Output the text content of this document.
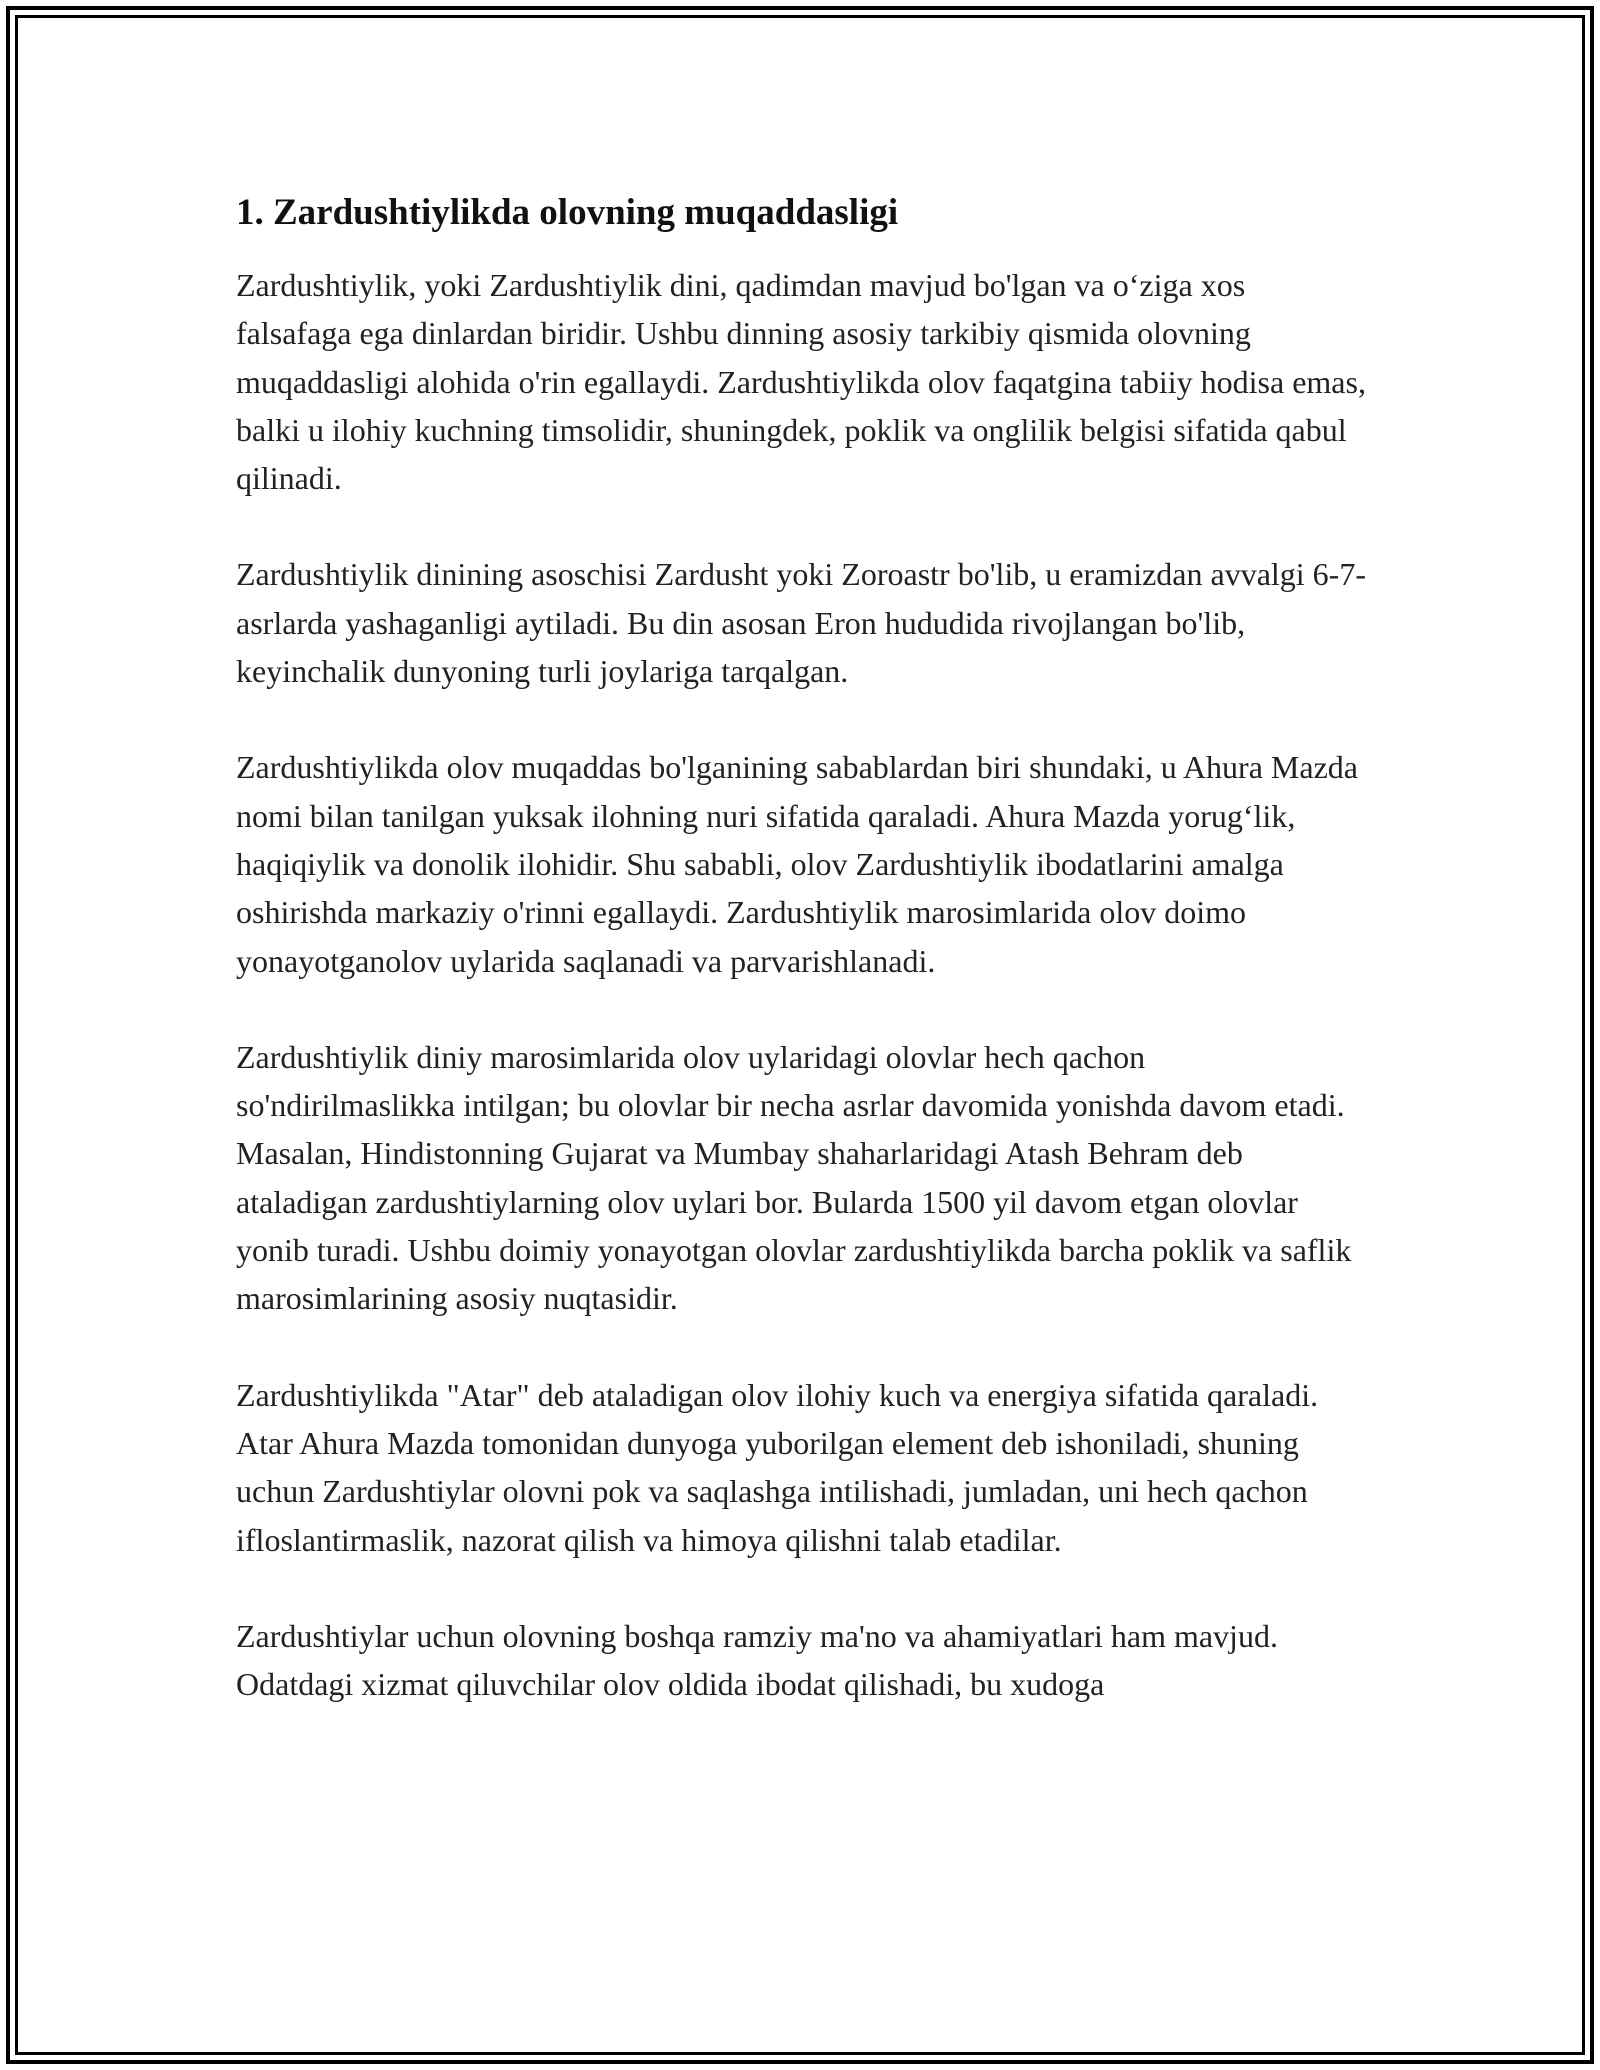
1. Zardushtiylikda olovning muqaddasligi

Zardushtiylik, yoki Zardushtiylik dini, qadimdan mavjud bo'lgan va o‘ziga xos falsafaga ega dinlardan biridir. Ushbu dinning asosiy tarkibiy qismida olovning muqaddasligi alohida o'rin egallaydi. Zardushtiylikda olov faqatgina tabiiy hodisa emas, balki u ilohiy kuchning timsolidir, shuningdek, poklik va onglilik belgisi sifatida qabul qilinadi.

Zardushtiylik dinining asoschisi Zardusht yoki Zoroastr bo'lib, u eramizdan avvalgi 6-7-asrlarda yashaganligi aytiladi. Bu din asosan Eron hududida rivojlangan bo'lib, keyinchalik dunyoning turli joylariga tarqalgan.

Zardushtiylikda olov muqaddas bo'lganining sabablardan biri shundaki, u Ahura Mazda nomi bilan tanilgan yuksak ilohning nuri sifatida qaraladi. Ahura Mazda yorug‘lik, haqiqiylik va donolik ilohidir. Shu sababli, olov Zardushtiylik ibodatlarini amalga oshirishda markaziy o'rinni egallaydi. Zardushtiylik marosimlarida olov doimo yonayotganolov uylarida saqlanadi va parvarishlanadi.

Zardushtiylik diniy marosimlarida olov uylaridagi olovlar hech qachon so'ndirilmaslikka intilgan; bu olovlar bir necha asrlar davomida yonishda davom etadi. Masalan, Hindistonning Gujarat va Mumbay shaharlaridagi Atash Behram deb ataladigan zardushtiylarning olov uylari bor. Bularda 1500 yil davom etgan olovlar yonib turadi. Ushbu doimiy yonayotgan olovlar zardushtiylikda barcha poklik va saflik marosimlarining asosiy nuqtasidir.

Zardushtiylikda "Atar" deb ataladigan olov ilohiy kuch va energiya sifatida qaraladi. Atar Ahura Mazda tomonidan dunyoga yuborilgan element deb ishoniladi, shuning uchun Zardushtiylar olovni pok va saqlashga intilishadi, jumladan, uni hech qachon ifloslantirmaslik, nazorat qilish va himoya qilishni talab etadilar.

Zardushtiylar uchun olovning boshqa ramziy ma'no va ahamiyatlari ham mavjud. Odatdagi xizmat qiluvchilar olov oldida ibodat qilishadi, bu xudoga
